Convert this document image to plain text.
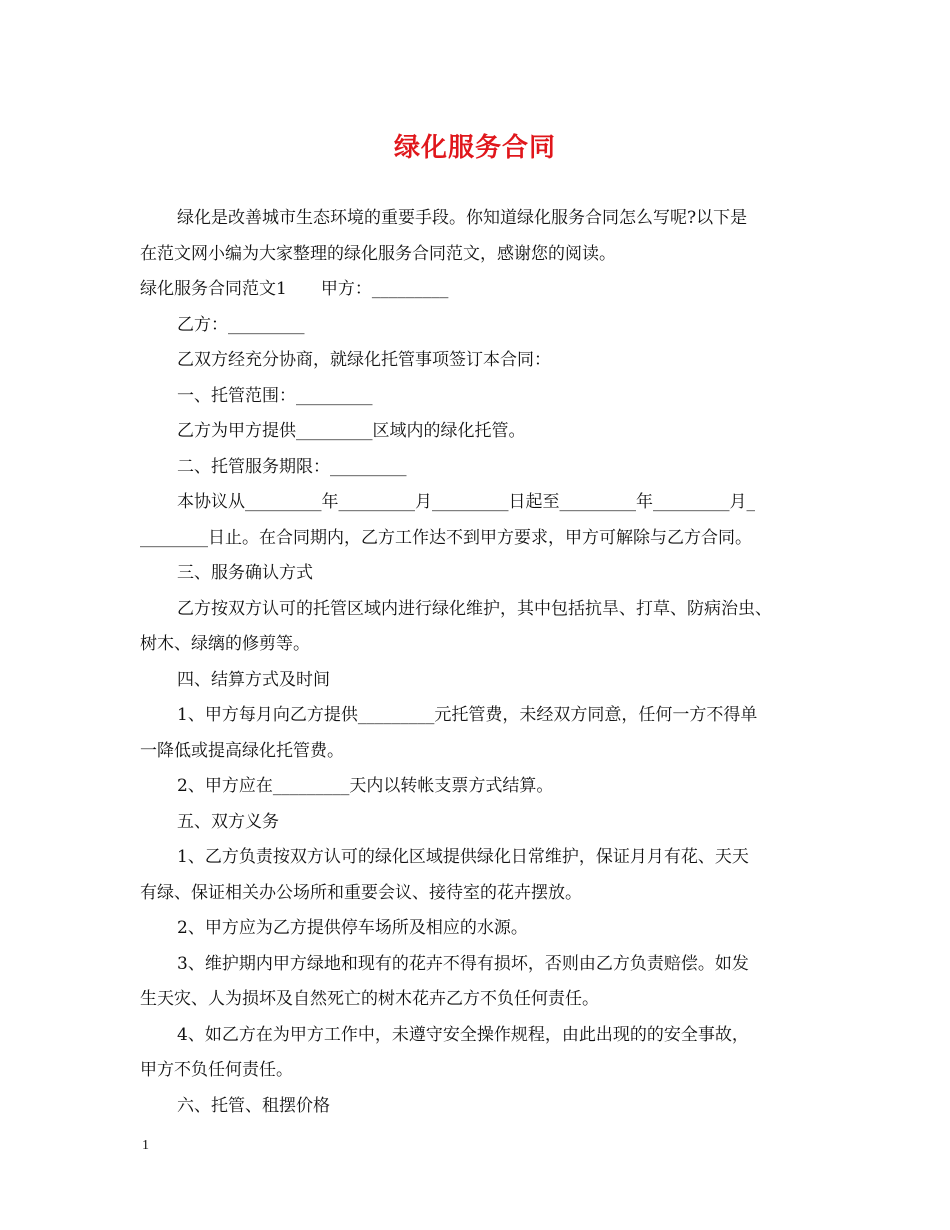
绿化服务合同
绿化是改善城市生态环境的重要手段。你知道绿化服务合同怎么写呢?以下是
在范文网小编为大家整理的绿化服务合同范文，感谢您的阅读。
绿化服务合同范文1　　甲方：_________
乙方：_________
乙双方经充分协商，就绿化托管事项签订本合同：
一、托管范围：_________
乙方为甲方提供_________区域内的绿化托管。
二、托管服务期限：_________
本协议从_________年_________月_________日起至_________年_________月_
________日止。在合同期内，乙方工作达不到甲方要求，甲方可解除与乙方合同。
三、服务确认方式
乙方按双方认可的托管区域内进行绿化维护，其中包括抗旱、打草、防病治虫、
树木、绿缡的修剪等。
四、结算方式及时间
1、甲方每月向乙方提供_________元托管费，未经双方同意，任何一方不得单
一降低或提高绿化托管费。
2、甲方应在_________天内以转帐支票方式结算。
五、双方义务
1、乙方负责按双方认可的绿化区域提供绿化日常维护，保证月月有花、天天
有绿、保证相关办公场所和重要会议、接待室的花卉摆放。
2、甲方应为乙方提供停车场所及相应的水源。
3、维护期内甲方绿地和现有的花卉不得有损坏，否则由乙方负责赔偿。如发
生天灾、人为损坏及自然死亡的树木花卉乙方不负任何责任。
4、如乙方在为甲方工作中，未遵守安全操作规程，由此出现的的安全事故，
甲方不负任何责任。
六、托管、租摆价格
1
